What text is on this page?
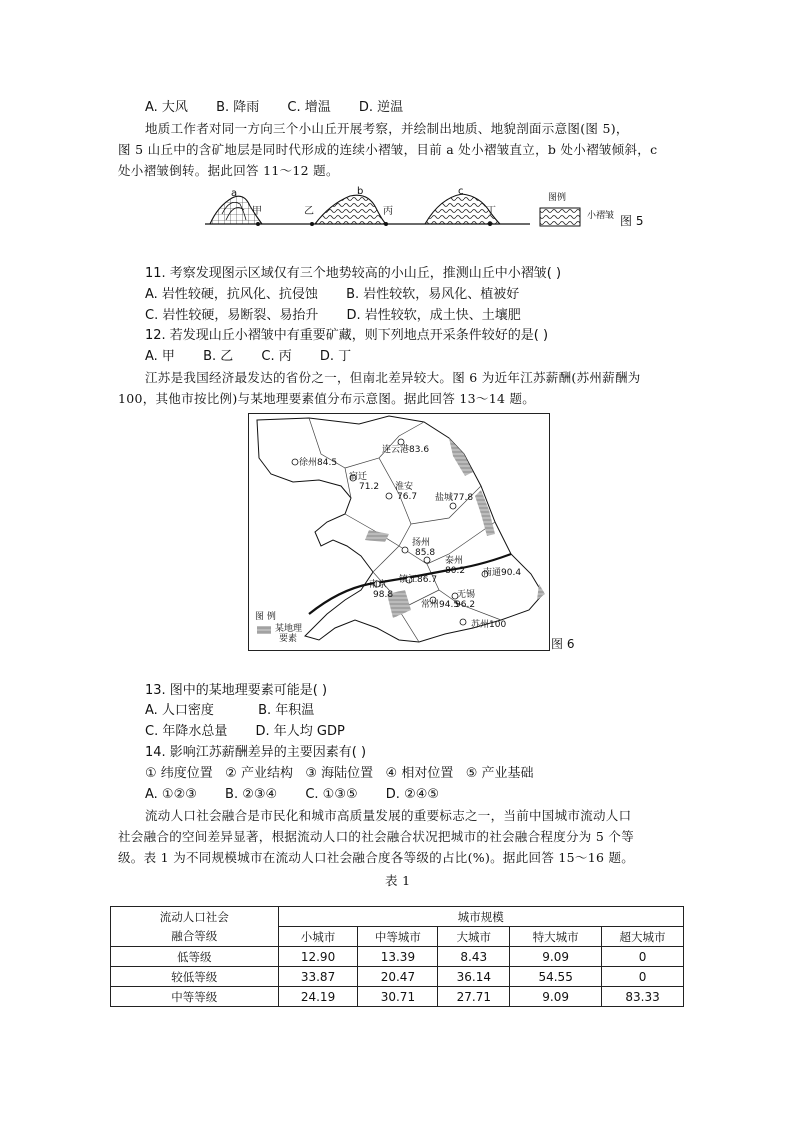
A. 大风 B. 降雨 C. 增温 D. 逆温
地质工作者对同一方向三个小山丘开展考察，并绘制出地质、地貌剖面示意图(图 5)，
图 5 山丘中的含矿地层是同时代形成的连续小褶皱，目前 a 处小褶皱直立，b 处小褶皱倾斜，c
处小褶皱倒转。据此回答 11～12 题。
a	b	c
甲	乙	丙	丁
图例
小褶皱 图 5
11. 考察发现图示区域仅有三个地势较高的小山丘，推测山丘中小褶皱( )
A. 岩性较硬，抗风化、抗侵蚀 B. 岩性较软，易风化、植被好
C. 岩性较硬，易断裂、易抬升 D. 岩性较软，成土快、土壤肥
12. 若发现山丘小褶皱中有重要矿藏，则下列地点开采条件较好的是( )
A. 甲 B. 乙 C. 丙 D. 丁
江苏是我国经济最发达的省份之一，但南北差异较大。图 6 为近年江苏薪酬(苏州薪酬为
100，其他市按比例)与某地理要素值分布示意图。据此回答 13～14 题。
连云港83.6
徐州84.5
宿迁
71.2 淮安
76.7 盐城77.8
扬州
85.8
泰州
80.2 南通90.4
南京
98.8
镇江86.7
常州94.5
无锡
96.2
苏州100
图 例
某地理
要素	图 6
13. 图中的某地理要素可能是( )
A. 人口密度	B. 年积温
C. 年降水总量 D. 年人均 GDP
14. 影响江苏薪酬差异的主要因素有( )
① 纬度位置   ② 产业结构   ③ 海陆位置   ④ 相对位置   ⑤ 产业基础
A. ①②③ B. ②③④ C. ①③⑤ D. ②④⑤
流动人口社会融合是市民化和城市高质量发展的重要标志之一，当前中国城市流动人口
社会融合的空间差异显著，根据流动人口的社会融合状况把城市的社会融合程度分为 5 个等
级。表 1 为不同规模城市在流动人口社会融合度各等级的占比(%)。据此回答 15～16 题。
表 1
流动人口社会	城市规模				
融合等级	小城市	中等城市	大城市	特大城市	超大城市
低等级	12.90	13.39	8.43	9.09	0
较低等级	33.87	20.47	36.14	54.55	0
中等等级	24.19	30.71	27.71	9.09	83.33
